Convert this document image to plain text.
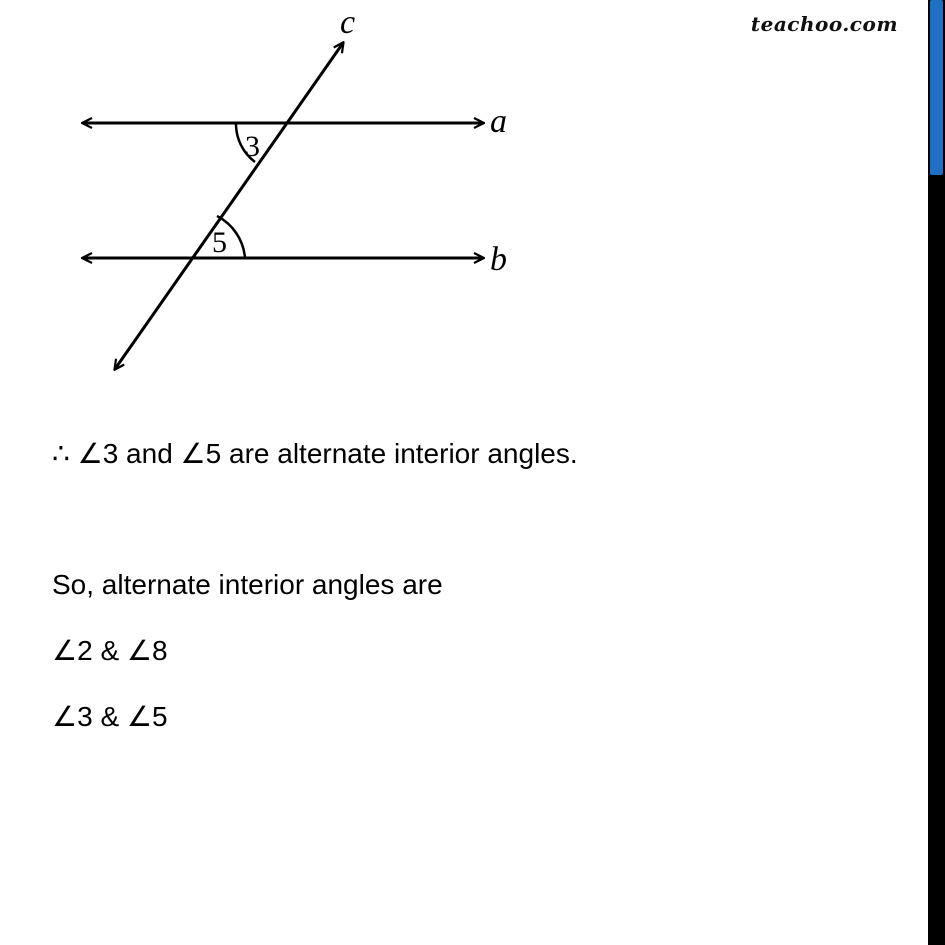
teachoo.com
c
a
b
3
5
∴ ∠3 and ∠5 are alternate interior angles.
So, alternate interior angles are
∠2 & ∠8
∠3 & ∠5
